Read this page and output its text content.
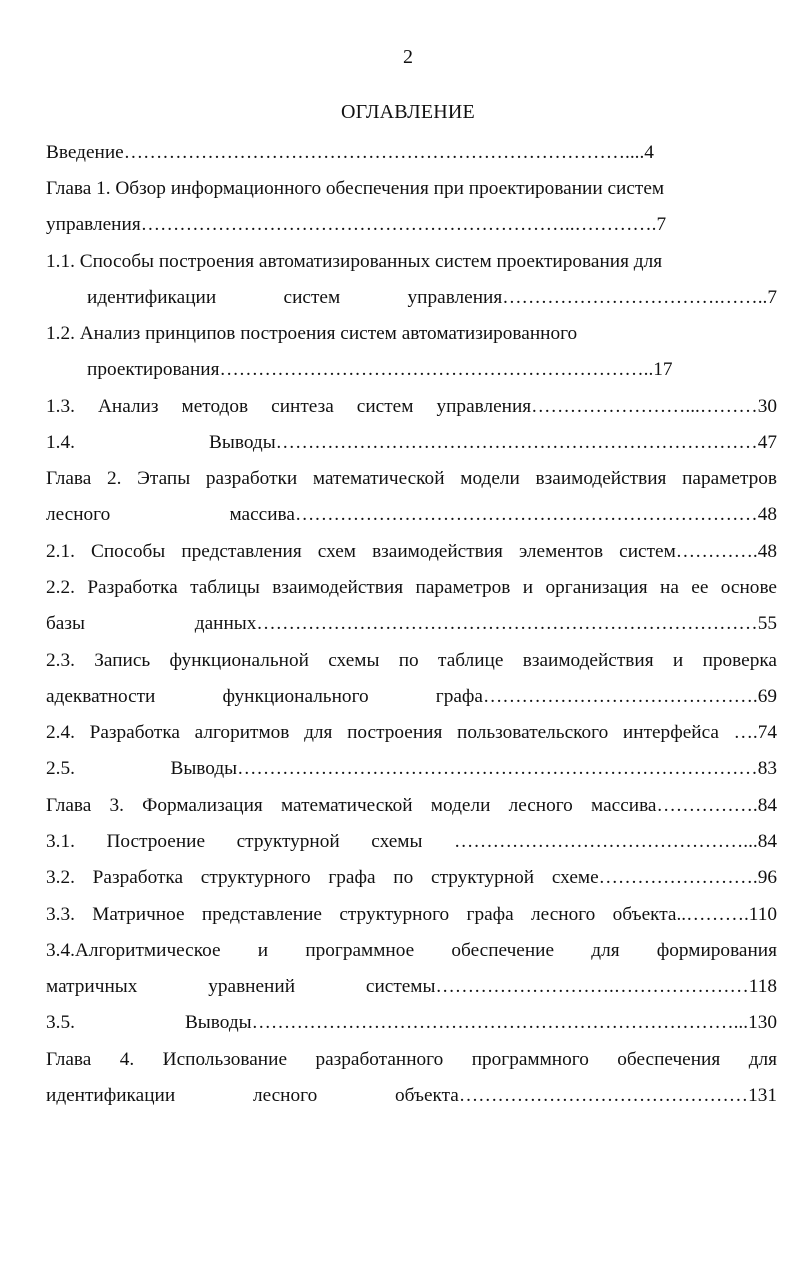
2
ОГЛАВЛЕНИЕ
Введение……………………………………………………………………....4
Глава 1. Обзор информационного обеспечения при проектировании систем
управления…………………………………………………………..………….7
1.1. Способы построения автоматизированных систем проектирования для
идентификации систем управления…………………………….……..7
1.2. Анализ принципов построения систем автоматизированного
проектирования…………………………………………………………..17
1.3. Анализ методов синтеза систем управления……………………...………30
1.4. Выводы…………………………………………………………………47
Глава 2. Этапы разработки математической модели взаимодействия параметров
лесного массива………………………………………………………………48
2.1. Способы представления схем взаимодействия элементов систем………….48
2.2. Разработка таблицы взаимодействия параметров и организация на ее основе
базы данных……………………………………………………………………55
2.3. Запись функциональной схемы по таблице взаимодействия и проверка
адекватности функционального графа…………………………………….69
2.4. Разработка алгоритмов для построения пользовательского интерфейса ….74
2.5. Выводы………………………………………………………………………83
Глава 3. Формализация математической модели лесного массива…………….84
3.1. Построение структурной схемы ………………………………………...84
3.2. Разработка структурного графа по структурной схеме…………………….96
3.3. Матричное представление структурного графа лесного объекта..……….110
3.4.Алгоритмическое и программное обеспечение для формирования
матричных уравнений системы……………………….…………………118
3.5. Выводы…………………………………………………………………...130
Глава 4. Использование разработанного программного обеспечения для
идентификации лесного объекта………………………………………131
